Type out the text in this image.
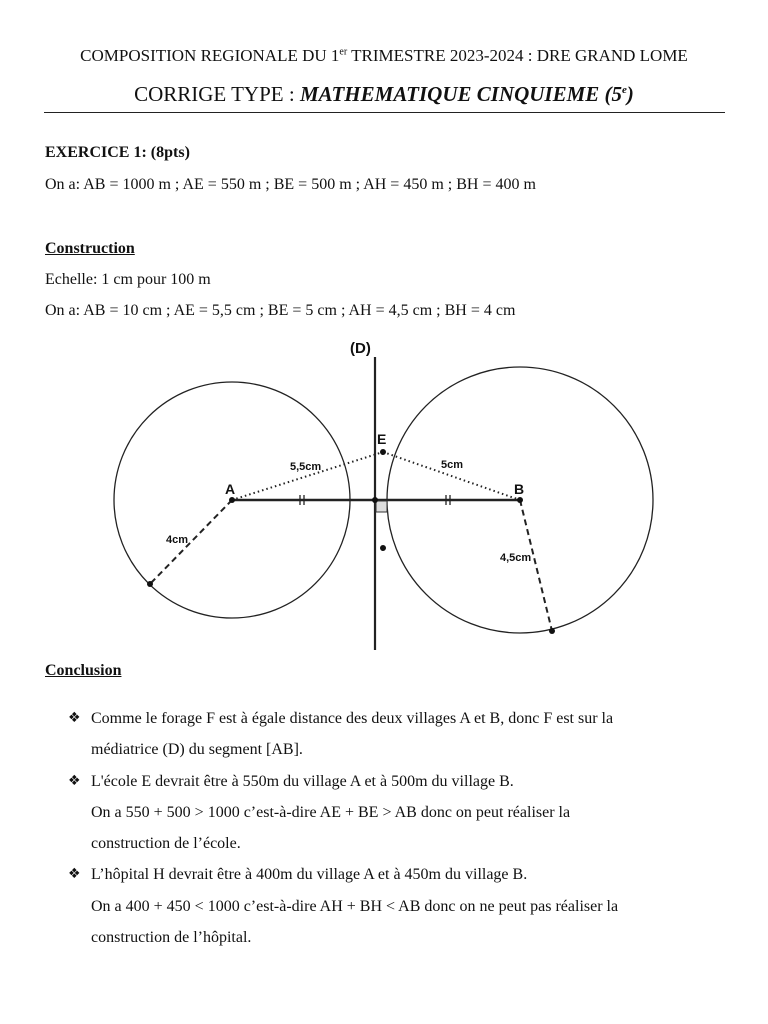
COMPOSITION REGIONALE DU 1er TRIMESTRE 2023-2024 : DRE GRAND LOME
CORRIGE TYPE : MATHEMATIQUE CINQUIEME (5e)
EXERCICE 1: (8pts)
On a: AB = 1000 m ; AE = 550 m ; BE = 500 m ; AH = 450 m ; BH = 400 m
Construction
Echelle: 1 cm pour 100 m
On a: AB = 10 cm ; AE = 5,5 cm ; BE = 5 cm ; AH = 4,5 cm ; BH = 4 cm
(D)
A	B
E
5,5cm	5cm
4cm
4,5cm
Conclusion
❖ Comme le forage F est à égale distance des deux villages A et B, donc F est sur la

médiatrice (D) du segment [AB].

❖ L'école E devrait être à 550m du village A et à 500m du village B.

On a 550 + 500 > 1000 c’est-à-dire AE + BE > AB donc on peut réaliser la

construction de l’école.

❖ L’hôpital H devrait être à 400m du village A et à 450m du village B.

On a 400 + 450 < 1000 c’est-à-dire AH + BH < AB donc on ne peut pas réaliser la

construction de l’hôpital.
